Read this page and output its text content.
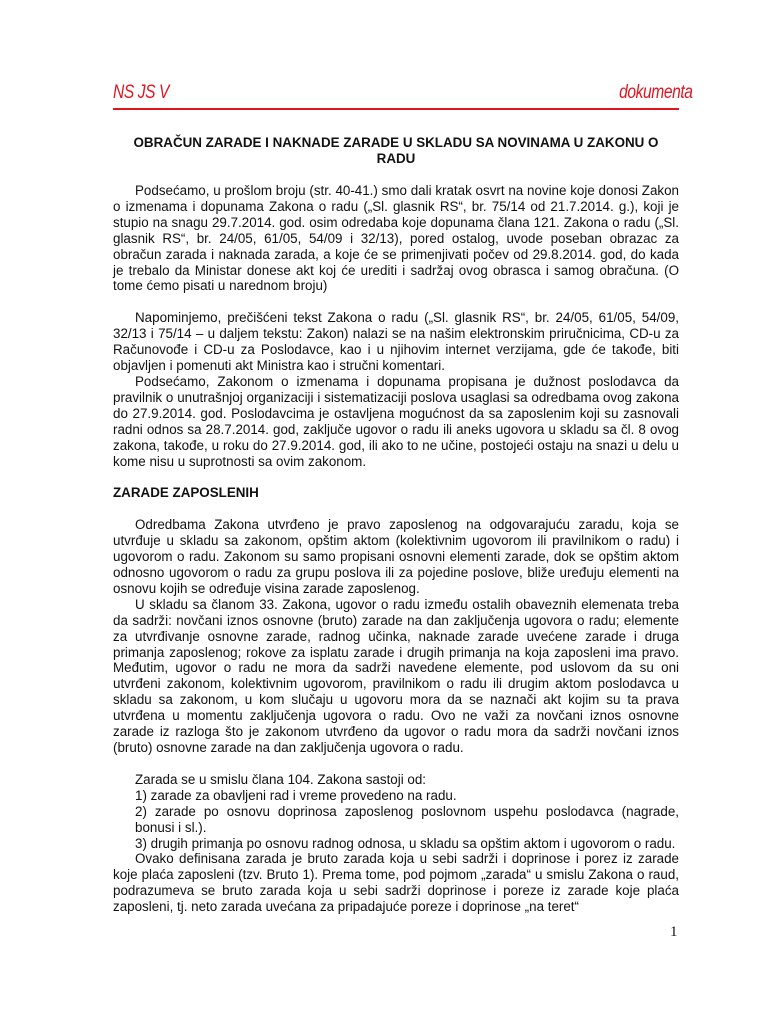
NS JS V	dokumenta
OBRAČUN ZARADE I NAKNADE ZARADE U SKLADU SA NOVINAMA U ZAKONU O RADU

Podsećamo, u prošlom broju (str. 40-41.) smo dali kratak osvrt na novine koje donosi Zakon o izmenama i dopunama Zakona o radu („Sl. glasnik RS“, br. 75/14 od 21.7.2014. g.), koji je stupio na snagu 29.7.2014. god. osim odredaba koje dopunama člana 121. Zakona o radu („Sl. glasnik RS“, br. 24/05, 61/05, 54/09 i 32/13), pored ostalog, uvode poseban obrazac za obračun zarada i naknada zarada, a koje će se primenjivati počev od 29.8.2014. god, do kada je trebalo da Ministar donese akt koj će urediti i sadržaj ovog obrasca i samog obračuna. (O tome ćemo pisati u narednom broju)

Napominjemo, prečišćeni tekst Zakona o radu („Sl. glasnik RS“, br. 24/05, 61/05, 54/09, 32/13 i 75/14 – u daljem tekstu: Zakon) nalazi se na našim elektronskim priručnicima, CD-u za Računovođe i CD-u za Poslodavce, kao i u njihovim internet verzijama, gde će takođe, biti objavljen i pomenuti akt Ministra kao i stručni komentari.

Podsećamo, Zakonom o izmenama i dopunama propisana je dužnost poslodavca da pravilnik o unutrašnjoj organizaciji i sistematizaciji poslova usaglasi sa odredbama ovog zakona do 27.9.2014. god. Poslodavcima je ostavljena mogućnost da sa zaposlenim koji su zasnovali radni odnos sa 28.7.2014. god, zaključe ugovor o radu ili aneks ugovora u skladu sa čl. 8 ovog zakona, takođe, u roku do 27.9.2014. god, ili ako to ne učine, postojeći ostaju na snazi u delu u kome nisu u suprotnosti sa ovim zakonom.

ZARADE ZAPOSLENIH

Odredbama Zakona utvrđeno je pravo zaposlenog na odgovarajuću zaradu, koja se utvrđuje u skladu sa zakonom, opštim aktom (kolektivnim ugovorom ili pravilnikom o radu) i ugovorom o radu. Zakonom su samo propisani osnovni elementi zarade, dok se opštim aktom odnosno ugovorom o radu za grupu poslova ili za pojedine poslove, bliže uređuju elementi na osnovu kojih se određuje visina zarade zaposlenog.

U skladu sa članom 33. Zakona, ugovor o radu između ostalih obaveznih elemenata treba da sadrži: novčani iznos osnovne (bruto) zarade na dan zaključenja ugovora o radu; elemente za utvrđivanje osnovne zarade, radnog učinka, naknade zarade uvećene zarade i druga primanja zaposlenog; rokove za isplatu zarade i drugih primanja na koja zaposleni ima pravo. Međutim, ugovor o radu ne mora da sadrži navedene elemente, pod uslovom da su oni utvrđeni zakonom, kolektivnim ugovorom, pravilnikom o radu ili drugim aktom poslodavca u skladu sa zakonom, u kom slučaju u ugovoru mora da se naznači akt kojim su ta prava utvrđena u momentu zaključenja ugovora o radu. Ovo ne važi za novčani iznos osnovne zarade iz razloga što je zakonom utvrđeno da ugovor o radu mora da sadrži novčani iznos (bruto) osnovne zarade na dan zaključenja ugovora o radu.

Zarada se u smislu člana 104. Zakona sastoji od:

1) zarade za obavljeni rad i vreme provedeno na radu.
2) zarade po osnovu doprinosa zaposlenog poslovnom uspehu poslodavca (nagrade, bonusi i sl.).
3) drugih primanja po osnovu radnog odnosa, u skladu sa opštim aktom i ugovorom o radu.

Ovako definisana zarada je bruto zarada koja u sebi sadrži i doprinose i porez iz zarade koje plaća zaposleni (tzv. Bruto 1). Prema tome, pod pojmom „zarada“ u smislu Zakona o raud, podrazumeva se bruto zarada koja u sebi sadrži doprinose i poreze iz zarade koje plaća zaposleni, tj. neto zarada uvećana za pripadajuće poreze i doprinose „na teret“

1
